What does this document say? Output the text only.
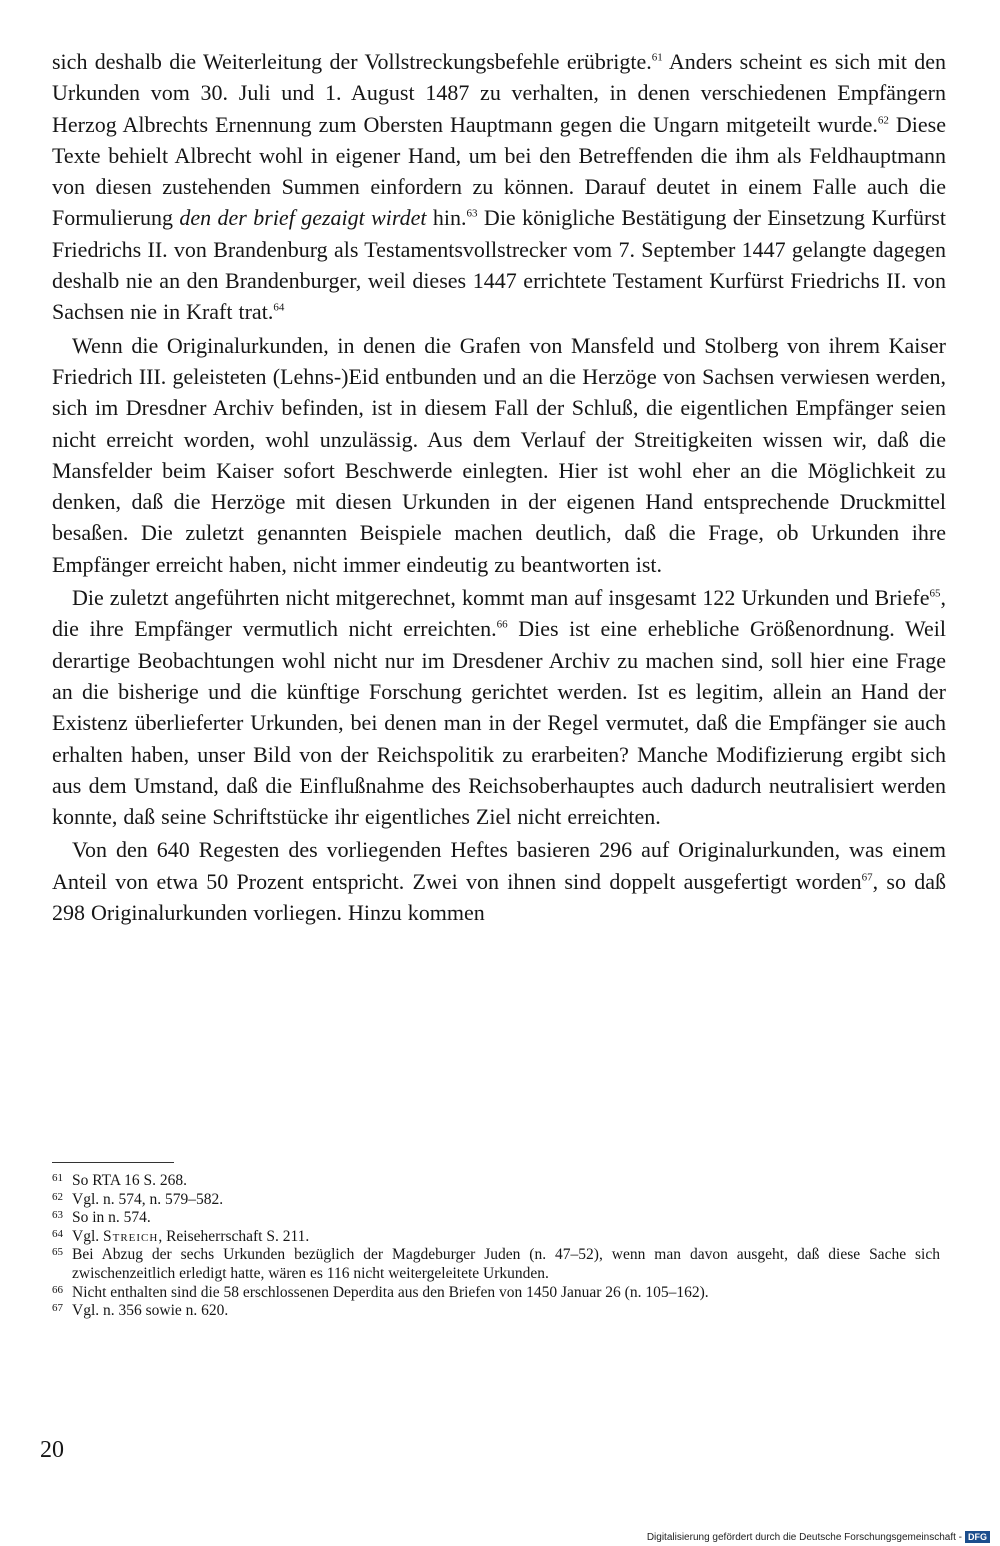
sich deshalb die Weiterleitung der Vollstreckungsbefehle erübrigte.$^{61}$ Anders scheint es sich mit den Urkunden vom 30. Juli und 1. August 1487 zu verhalten, in denen verschiedenen Empfängern Herzog Albrechts Ernennung zum Obersten Hauptmann gegen die Ungarn mitgeteilt wurde.$^{62}$ Diese Texte behielt Albrecht wohl in eigener Hand, um bei den Betreffenden die ihm als Feldhauptmann von diesen zustehenden Summen einfordern zu können. Darauf deutet in einem Falle auch die Formulierung den der brief gezaigt wirdet hin.$^{63}$ Die königliche Bestätigung der Einsetzung Kurfürst Friedrichs II. von Brandenburg als Testamentsvollstrecker vom 7. September 1447 gelangte dagegen deshalb nie an den Brandenburger, weil dieses 1447 errichtete Testament Kurfürst Friedrichs II. von Sachsen nie in Kraft trat.$^{64}$

Wenn die Originalurkunden, in denen die Grafen von Mansfeld und Stolberg von ihrem Kaiser Friedrich III. geleisteten (Lehns-)Eid entbunden und an die Herzöge von Sachsen verwiesen werden, sich im Dresdner Archiv befinden, ist in diesem Fall der Schluß, die eigentlichen Empfänger seien nicht erreicht worden, wohl unzulässig. Aus dem Verlauf der Streitigkeiten wissen wir, daß die Mansfelder beim Kaiser sofort Beschwerde einlegten. Hier ist wohl eher an die Möglichkeit zu denken, daß die Herzöge mit diesen Urkunden in der eigenen Hand entsprechende Druckmittel besaßen. Die zuletzt genannten Beispiele machen deutlich, daß die Frage, ob Urkunden ihre Empfänger erreicht haben, nicht immer eindeutig zu beantworten ist.

Die zuletzt angeführten nicht mitgerechnet, kommt man auf insgesamt 122 Urkunden und Briefe$^{65}$, die ihre Empfänger vermutlich nicht erreichten.$^{66}$ Dies ist eine erhebliche Größenordnung. Weil derartige Beobachtungen wohl nicht nur im Dresdener Archiv zu machen sind, soll hier eine Frage an die bisherige und die künftige Forschung gerichtet werden. Ist es legitim, allein an Hand der Existenz überlieferter Urkunden, bei denen man in der Regel vermutet, daß die Empfänger sie auch erhalten haben, unser Bild von der Reichspolitik zu erarbeiten? Manche Modifizierung ergibt sich aus dem Umstand, daß die Einflußnahme des Reichsoberhauptes auch dadurch neutralisiert werden konnte, daß seine Schriftstücke ihr eigentliches Ziel nicht erreichten.

Von den 640 Regesten des vorliegenden Heftes basieren 296 auf Originalurkunden, was einem Anteil von etwa 50 Prozent entspricht. Zwei von ihnen sind doppelt ausgefertigt worden$^{67}$, so daß 298 Originalurkunden vorliegen. Hinzu kommen

61 So RTA 16 S. 268.
62 Vgl. n. 574, n. 579–582.
63 So in n. 574.
64 Vgl. Streich, Reiseherrschaft S. 211.
65 Bei Abzug der sechs Urkunden bezüglich der Magdeburger Juden (n. 47–52), wenn man davon ausgeht, daß diese Sache sich zwischenzeitlich erledigt hatte, wären es 116 nicht weitergeleitete Urkunden.
66 Nicht enthalten sind die 58 erschlossenen Deperdita aus den Briefen von 1450 Januar 26 (n. 105–162).
67 Vgl. n. 356 sowie n. 620.
20
Digitalisierung gefördert durch die Deutsche Forschungsgemeinschaft - DFG
